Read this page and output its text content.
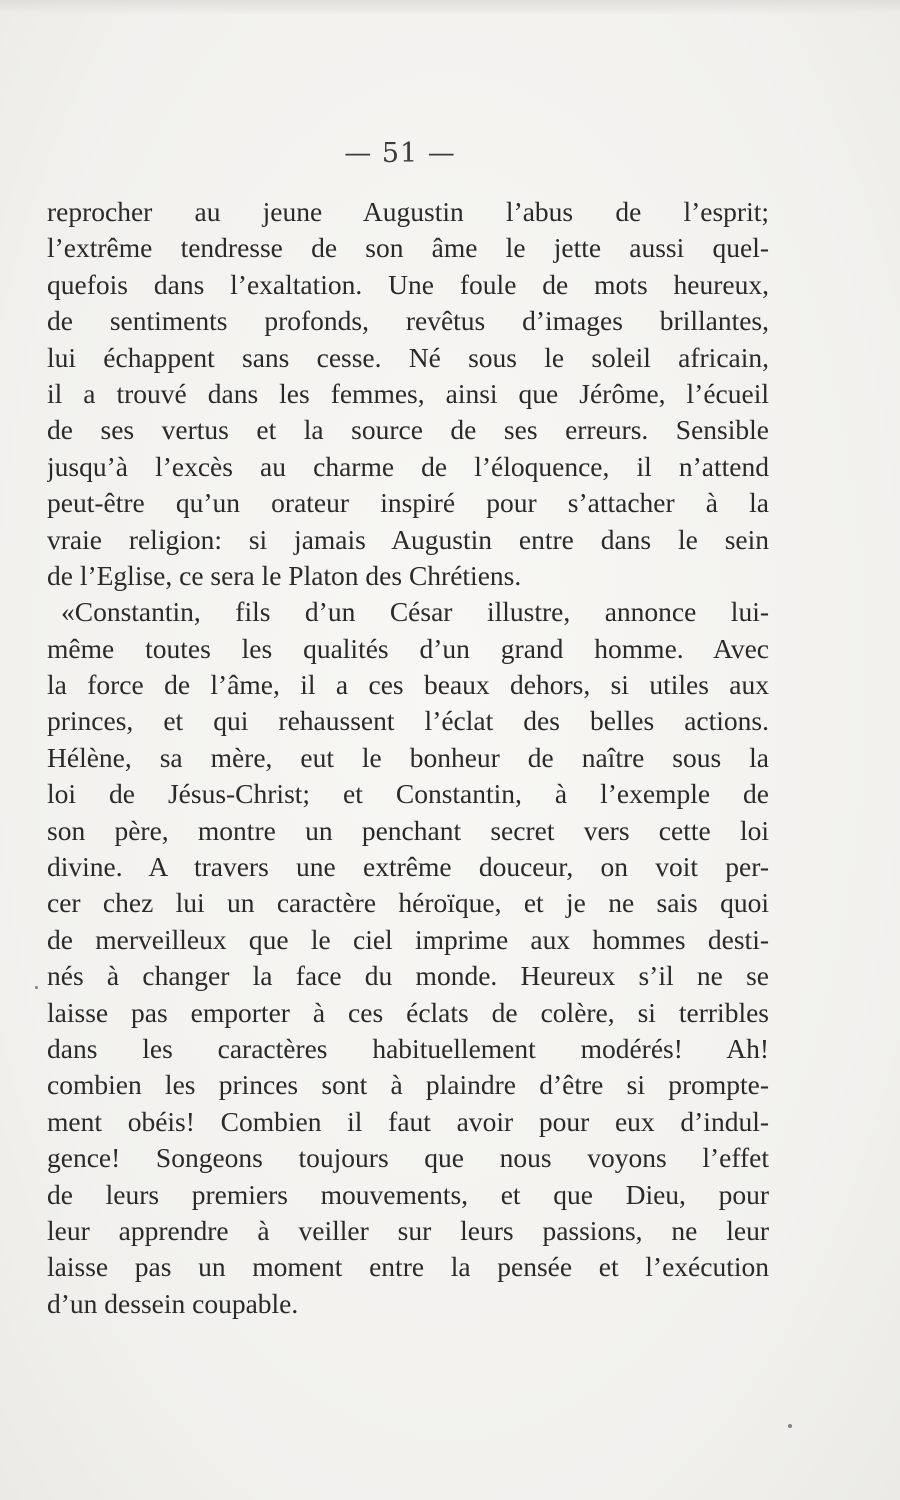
— 51 —
reprocher au jeune Augustin l’abus de l’esprit;
l’extrême tendresse de son âme le jette aussi quel-
quefois dans l’exaltation. Une foule de mots heureux,
de sentiments profonds, revêtus d’images brillantes,
lui échappent sans cesse. Né sous le soleil africain,
il a trouvé dans les femmes, ainsi que Jérôme, l’écueil
de ses vertus et la source de ses erreurs. Sensible
jusqu’à l’excès au charme de l’éloquence, il n’attend
peut-être qu’un orateur inspiré pour s’attacher à la
vraie religion: si jamais Augustin entre dans le sein
de l’Eglise, ce sera le Platon des Chrétiens.
«Constantin, fils d’un César illustre, annonce lui-
même toutes les qualités d’un grand homme. Avec
la force de l’âme, il a ces beaux dehors, si utiles aux
princes, et qui rehaussent l’éclat des belles actions.
Hélène, sa mère, eut le bonheur de naître sous la
loi de Jésus-Christ; et Constantin, à l’exemple de
son père, montre un penchant secret vers cette loi
divine. A travers une extrême douceur, on voit per-
cer chez lui un caractère héroïque, et je ne sais quoi
de merveilleux que le ciel imprime aux hommes desti-
nés à changer la face du monde. Heureux s’il ne se
laisse pas emporter à ces éclats de colère, si terribles
dans les caractères habituellement modérés! Ah!
combien les princes sont à plaindre d’être si prompte-
ment obéis! Combien il faut avoir pour eux d’indul-
gence! Songeons toujours que nous voyons l’effet
de leurs premiers mouvements, et que Dieu, pour
leur apprendre à veiller sur leurs passions, ne leur
laisse pas un moment entre la pensée et l’exécution
d’un dessein coupable.
